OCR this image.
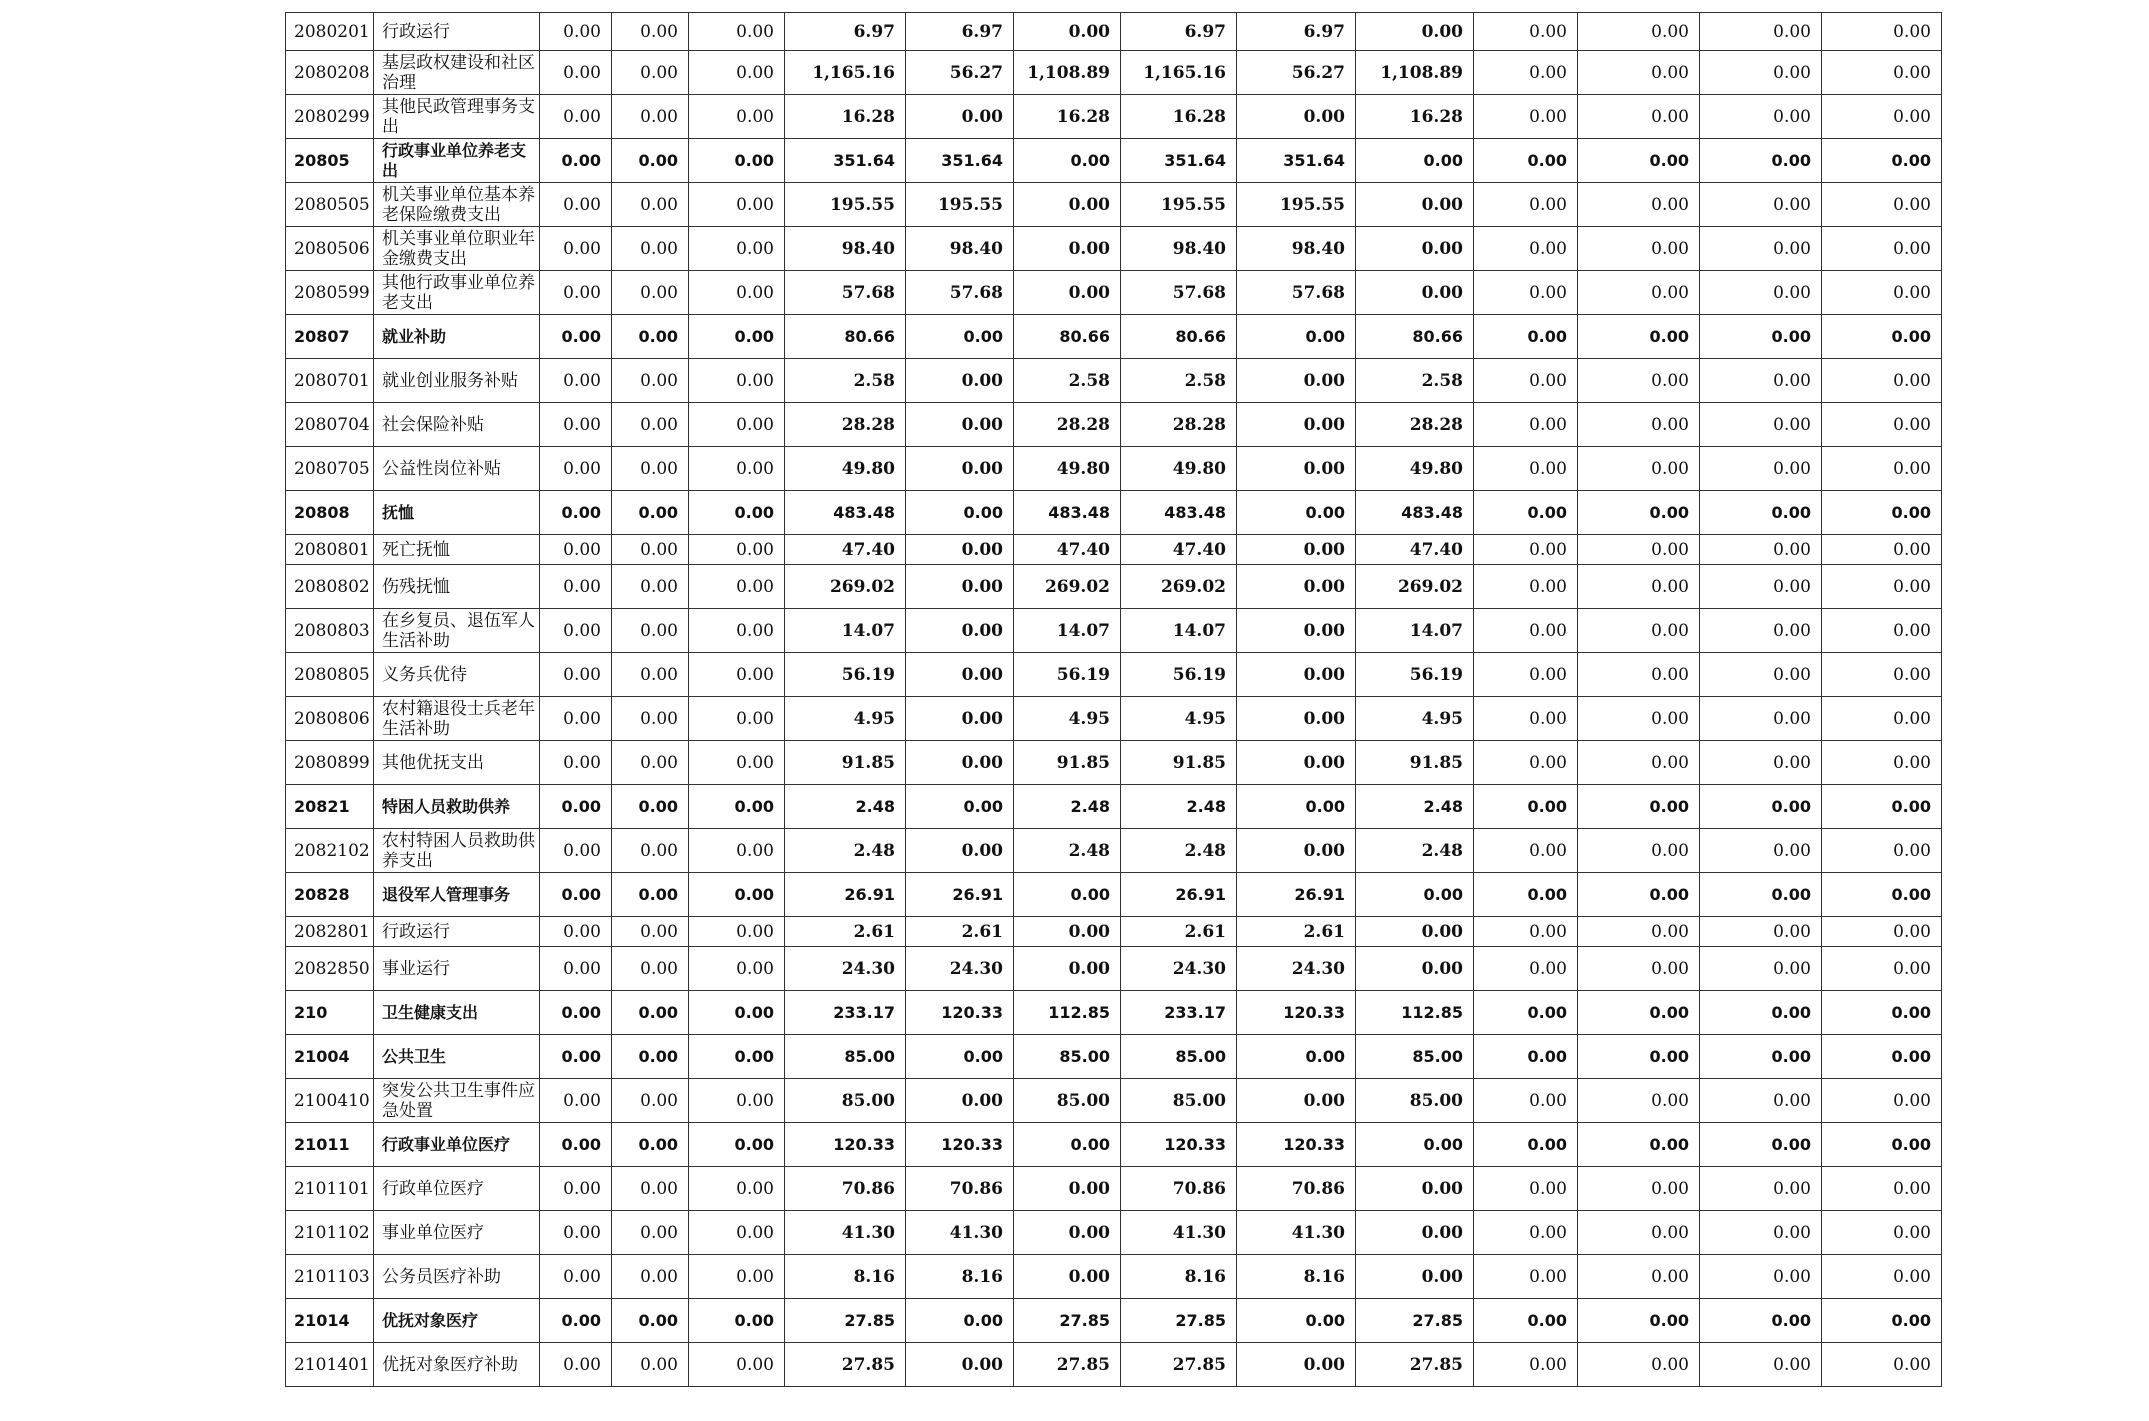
2080201	行政运行	0.00	0.00	0.00	6.97	6.97	0.00	6.97	6.97	0.00	0.00	0.00	0.00	0.00
2080208	基层政权建设和社区治理	0.00	0.00	0.00	1,165.16	56.27	1,108.89	1,165.16	56.27	1,108.89	0.00	0.00	0.00	0.00
2080299	其他民政管理事务支出	0.00	0.00	0.00	16.28	0.00	16.28	16.28	0.00	16.28	0.00	0.00	0.00	0.00
20805	行政事业单位养老支出	0.00	0.00	0.00	351.64	351.64	0.00	351.64	351.64	0.00	0.00	0.00	0.00	0.00
2080505	机关事业单位基本养老保险缴费支出	0.00	0.00	0.00	195.55	195.55	0.00	195.55	195.55	0.00	0.00	0.00	0.00	0.00
2080506	机关事业单位职业年金缴费支出	0.00	0.00	0.00	98.40	98.40	0.00	98.40	98.40	0.00	0.00	0.00	0.00	0.00
2080599	其他行政事业单位养老支出	0.00	0.00	0.00	57.68	57.68	0.00	57.68	57.68	0.00	0.00	0.00	0.00	0.00
20807	就业补助	0.00	0.00	0.00	80.66	0.00	80.66	80.66	0.00	80.66	0.00	0.00	0.00	0.00
2080701	就业创业服务补贴	0.00	0.00	0.00	2.58	0.00	2.58	2.58	0.00	2.58	0.00	0.00	0.00	0.00
2080704	社会保险补贴	0.00	0.00	0.00	28.28	0.00	28.28	28.28	0.00	28.28	0.00	0.00	0.00	0.00
2080705	公益性岗位补贴	0.00	0.00	0.00	49.80	0.00	49.80	49.80	0.00	49.80	0.00	0.00	0.00	0.00
20808	抚恤	0.00	0.00	0.00	483.48	0.00	483.48	483.48	0.00	483.48	0.00	0.00	0.00	0.00
2080801	死亡抚恤	0.00	0.00	0.00	47.40	0.00	47.40	47.40	0.00	47.40	0.00	0.00	0.00	0.00
2080802	伤残抚恤	0.00	0.00	0.00	269.02	0.00	269.02	269.02	0.00	269.02	0.00	0.00	0.00	0.00
2080803	在乡复员、退伍军人生活补助	0.00	0.00	0.00	14.07	0.00	14.07	14.07	0.00	14.07	0.00	0.00	0.00	0.00
2080805	义务兵优待	0.00	0.00	0.00	56.19	0.00	56.19	56.19	0.00	56.19	0.00	0.00	0.00	0.00
2080806	农村籍退役士兵老年生活补助	0.00	0.00	0.00	4.95	0.00	4.95	4.95	0.00	4.95	0.00	0.00	0.00	0.00
2080899	其他优抚支出	0.00	0.00	0.00	91.85	0.00	91.85	91.85	0.00	91.85	0.00	0.00	0.00	0.00
20821	特困人员救助供养	0.00	0.00	0.00	2.48	0.00	2.48	2.48	0.00	2.48	0.00	0.00	0.00	0.00
2082102	农村特困人员救助供养支出	0.00	0.00	0.00	2.48	0.00	2.48	2.48	0.00	2.48	0.00	0.00	0.00	0.00
20828	退役军人管理事务	0.00	0.00	0.00	26.91	26.91	0.00	26.91	26.91	0.00	0.00	0.00	0.00	0.00
2082801	行政运行	0.00	0.00	0.00	2.61	2.61	0.00	2.61	2.61	0.00	0.00	0.00	0.00	0.00
2082850	事业运行	0.00	0.00	0.00	24.30	24.30	0.00	24.30	24.30	0.00	0.00	0.00	0.00	0.00
210	卫生健康支出	0.00	0.00	0.00	233.17	120.33	112.85	233.17	120.33	112.85	0.00	0.00	0.00	0.00
21004	公共卫生	0.00	0.00	0.00	85.00	0.00	85.00	85.00	0.00	85.00	0.00	0.00	0.00	0.00
2100410	突发公共卫生事件应急处置	0.00	0.00	0.00	85.00	0.00	85.00	85.00	0.00	85.00	0.00	0.00	0.00	0.00
21011	行政事业单位医疗	0.00	0.00	0.00	120.33	120.33	0.00	120.33	120.33	0.00	0.00	0.00	0.00	0.00
2101101	行政单位医疗	0.00	0.00	0.00	70.86	70.86	0.00	70.86	70.86	0.00	0.00	0.00	0.00	0.00
2101102	事业单位医疗	0.00	0.00	0.00	41.30	41.30	0.00	41.30	41.30	0.00	0.00	0.00	0.00	0.00
2101103	公务员医疗补助	0.00	0.00	0.00	8.16	8.16	0.00	8.16	8.16	0.00	0.00	0.00	0.00	0.00
21014	优抚对象医疗	0.00	0.00	0.00	27.85	0.00	27.85	27.85	0.00	27.85	0.00	0.00	0.00	0.00
2101401	优抚对象医疗补助	0.00	0.00	0.00	27.85	0.00	27.85	27.85	0.00	27.85	0.00	0.00	0.00	0.00
